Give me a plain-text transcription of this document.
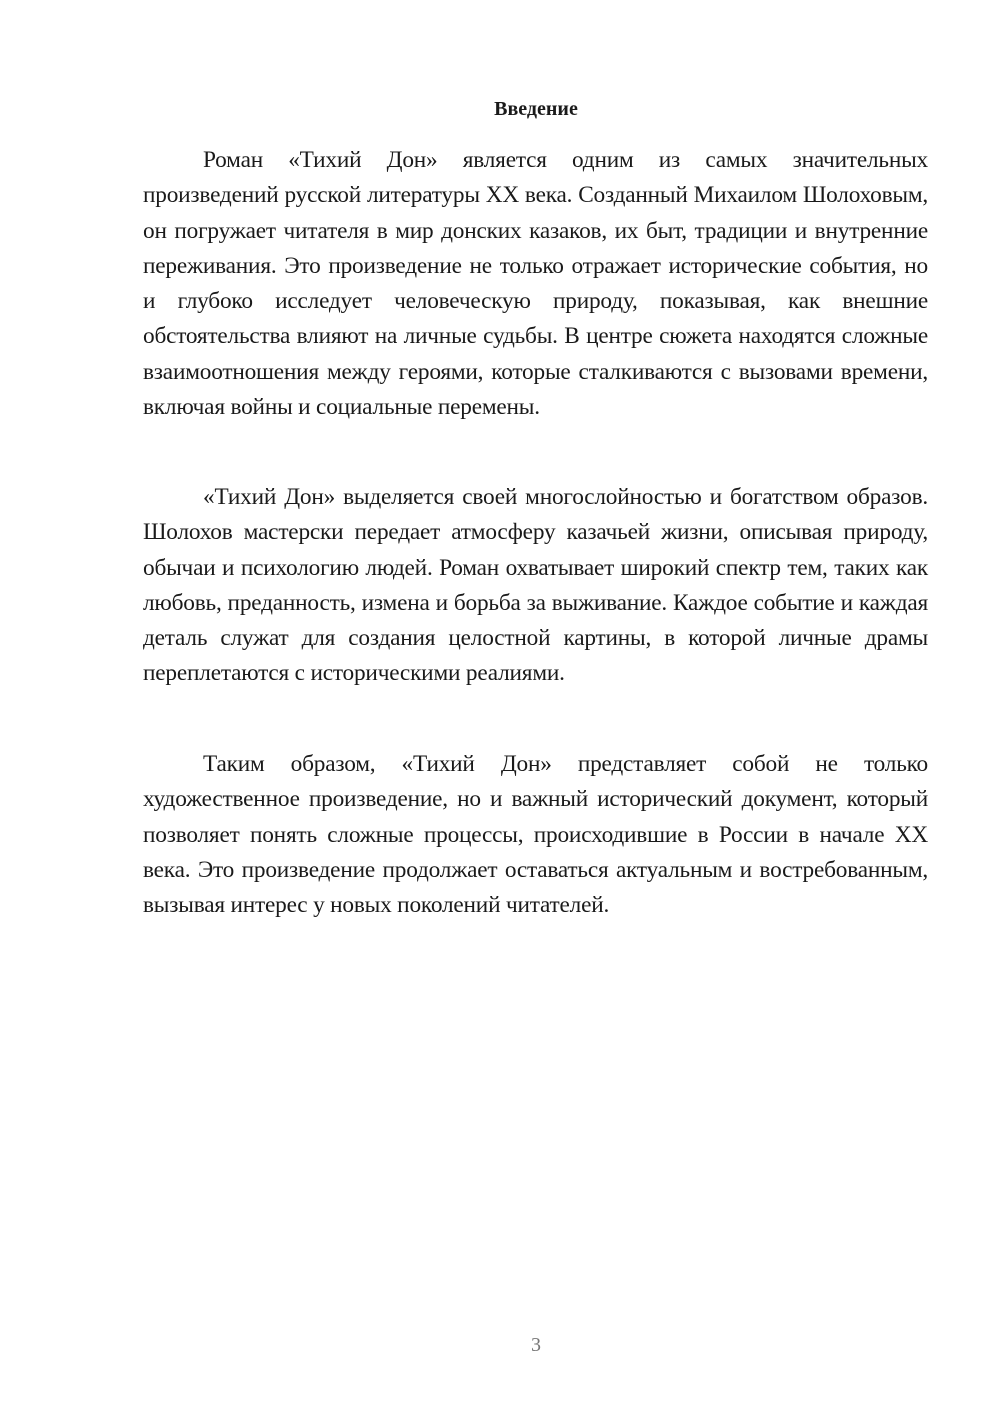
Введение

Роман «Тихий Дон» является одним из самых значительных произведений русской литературы XX века. Созданный Михаилом Шолоховым, он погружает читателя в мир донских казаков, их быт, традиции и внутренние переживания. Это произведение не только отражает исторические события, но и глубоко исследует человеческую природу, показывая, как внешние обстоятельства влияют на личные судьбы. В центре сюжета находятся сложные взаимоотношения между героями, которые сталкиваются с вызовами времени, включая войны и социальные перемены.

«Тихий Дон» выделяется своей многослойностью и богатством образов. Шолохов мастерски передает атмосферу казачьей жизни, описывая природу, обычаи и психологию людей. Роман охватывает широкий спектр тем, таких как любовь, преданность, измена и борьба за выживание. Каждое событие и каждая деталь служат для создания целостной картины, в которой личные драмы переплетаются с историческими реалиями.

Таким образом, «Тихий Дон» представляет собой не только художественное произведение, но и важный исторический документ, который позволяет понять сложные процессы, происходившие в России в начале XX века. Это произведение продолжает оставаться актуальным и востребованным, вызывая интерес у новых поколений читателей.

3
